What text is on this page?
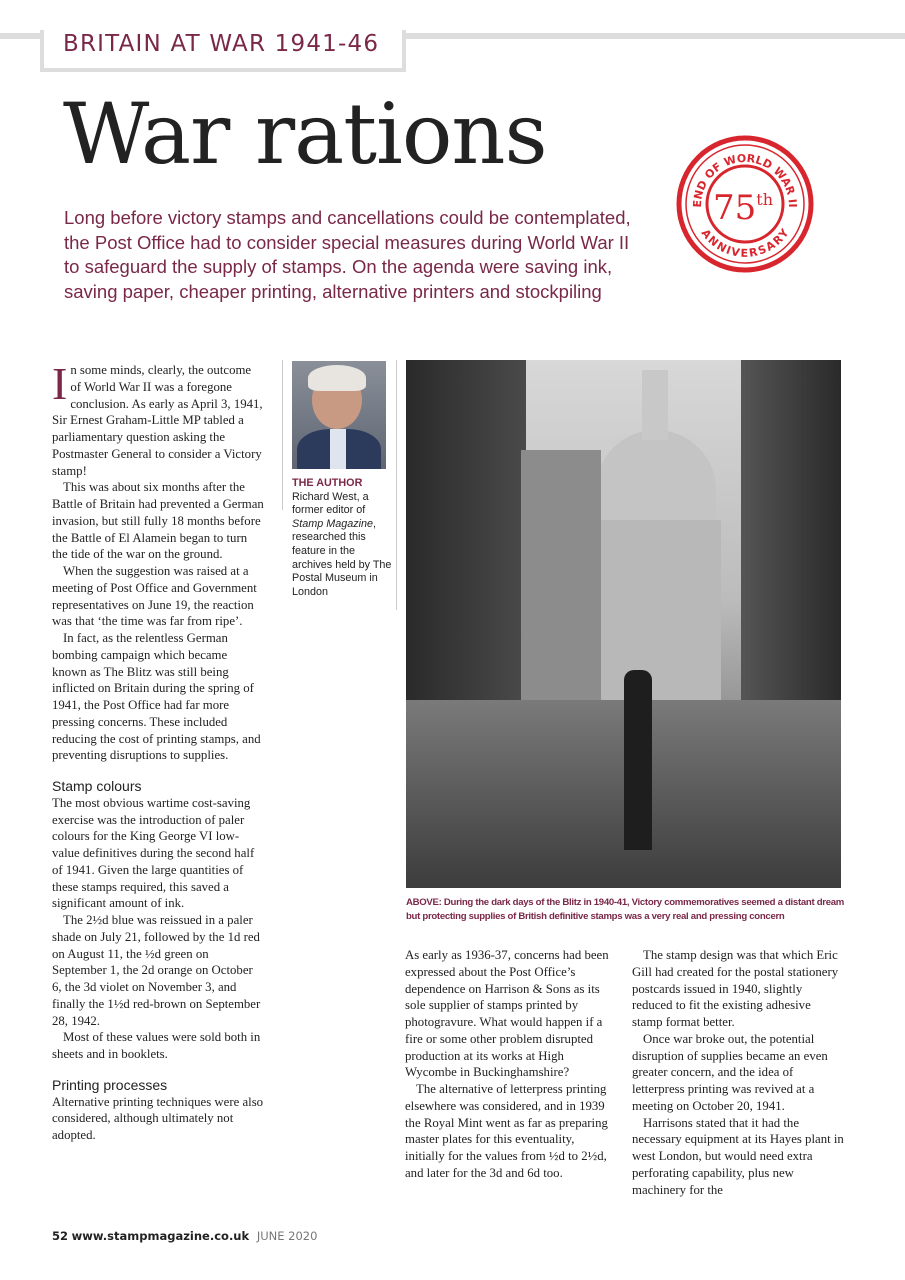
BRITAIN AT WAR 1941-46
War rations
END OF WORLD WAR II
ANNIVERSARY
75th
Long before victory stamps and cancellations could be contemplated, the Post Office had to consider special measures during World War II to safeguard the supply of stamps. On the agenda were saving ink, saving paper, cheaper printing, alternative printers and stockpiling

In some minds, clearly, the outcome of World War II was a foregone conclusion. As early as April 3, 1941, Sir Ernest Graham-Little MP tabled a parliamentary question asking the Postmaster General to consider a Victory stamp!

This was about six months after the Battle of Britain had prevented a German invasion, but still fully 18 months before the Battle of El Alamein began to turn the tide of the war on the ground.

When the suggestion was raised at a meeting of Post Office and Government representatives on June 19, the reaction was that ‘the time was far from ripe’.

In fact, as the relentless German bombing campaign which became known as The Blitz was still being inflicted on Britain during the spring of 1941, the Post Office had far more pressing concerns. These included reducing the cost of printing stamps, and preventing disruptions to supplies.

Stamp colours

The most obvious wartime cost-saving exercise was the introduction of paler colours for the King George VI low-value definitives during the second half of 1941. Given the large quantities of these stamps required, this saved a significant amount of ink.

The 2½d blue was reissued in a paler shade on July 21, followed by the 1d red on August 11, the ½d green on September 1, the 2d orange on October 6, the 3d violet on November 3, and finally the 1½d red-brown on September 28, 1942.

Most of these values were sold both in sheets and in booklets.

Printing processes

Alternative printing techniques were also considered, although ultimately not adopted.

THE AUTHOR
Richard West, a former editor of Stamp Magazine, researched this feature in the archives held by The Postal Museum in London
ABOVE: During the dark days of the Blitz in 1940-41, Victory commemoratives seemed a distant dream but protecting supplies of British definitive stamps was a very real and pressing concern

As early as 1936-37, concerns had been expressed about the Post Office’s dependence on Harrison & Sons as its sole supplier of stamps printed by photogravure. What would happen if a fire or some other problem disrupted production at its works at High Wycombe in Buckinghamshire?

The alternative of letterpress printing elsewhere was considered, and in 1939 the Royal Mint went as far as preparing master plates for this eventuality, initially for the values from ½d to 2½d, and later for the 3d and 6d too.

The stamp design was that which Eric Gill had created for the postal stationery postcards issued in 1940, slightly reduced to fit the existing adhesive stamp format better.

Once war broke out, the potential disruption of supplies became an even greater concern, and the idea of letterpress printing was revived at a meeting on October 20, 1941.

Harrisons stated that it had the necessary equipment at its Hayes plant in west London, but would need extra perforating capability, plus new machinery for the

52 www.stampmagazine.co.uk JUNE 2020
